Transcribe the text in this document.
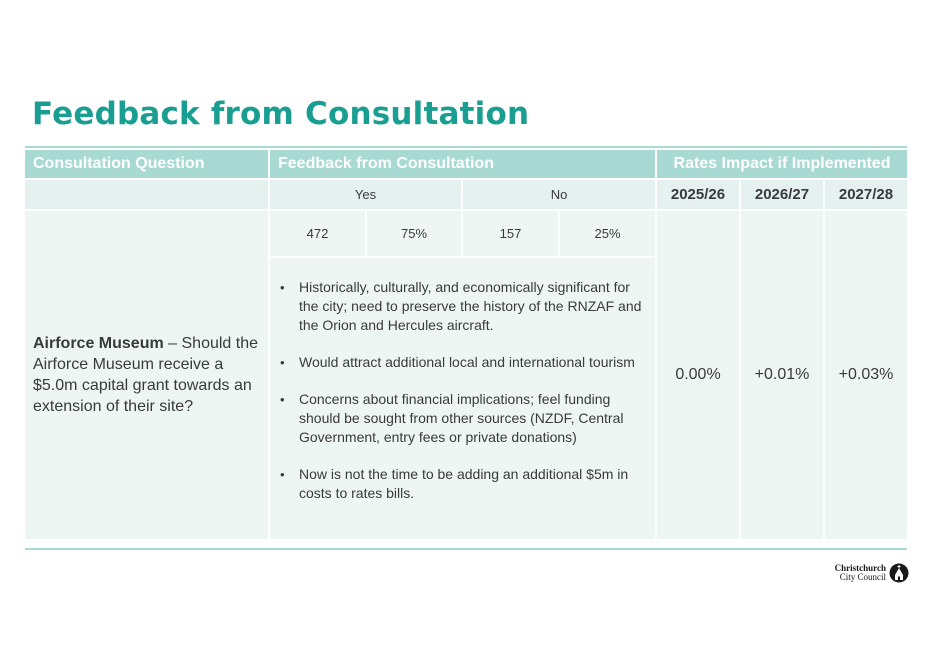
Feedback from Consultation
Consultation Question	Feedback from Consultation	Rates Impact if Implemented
Yes	No	2025/26	2026/27	2027/28
472	75%	157	25%

Airforce Museum – Should the Airforce Museum receive a $5.0m capital grant towards an extension of their site?

• Historically, culturally, and economically significant for the city; need to preserve the history of the RNZAF and the Orion and Hercules aircraft.
• Would attract additional local and international tourism
• Concerns about financial implications; feel funding should be sought from other sources (NZDF, Central Government, entry fees or private donations)
• Now is not the time to be adding an additional $5m in costs to rates bills.
0.00%	+0.01%	+0.03%
Christchurch
City Council
